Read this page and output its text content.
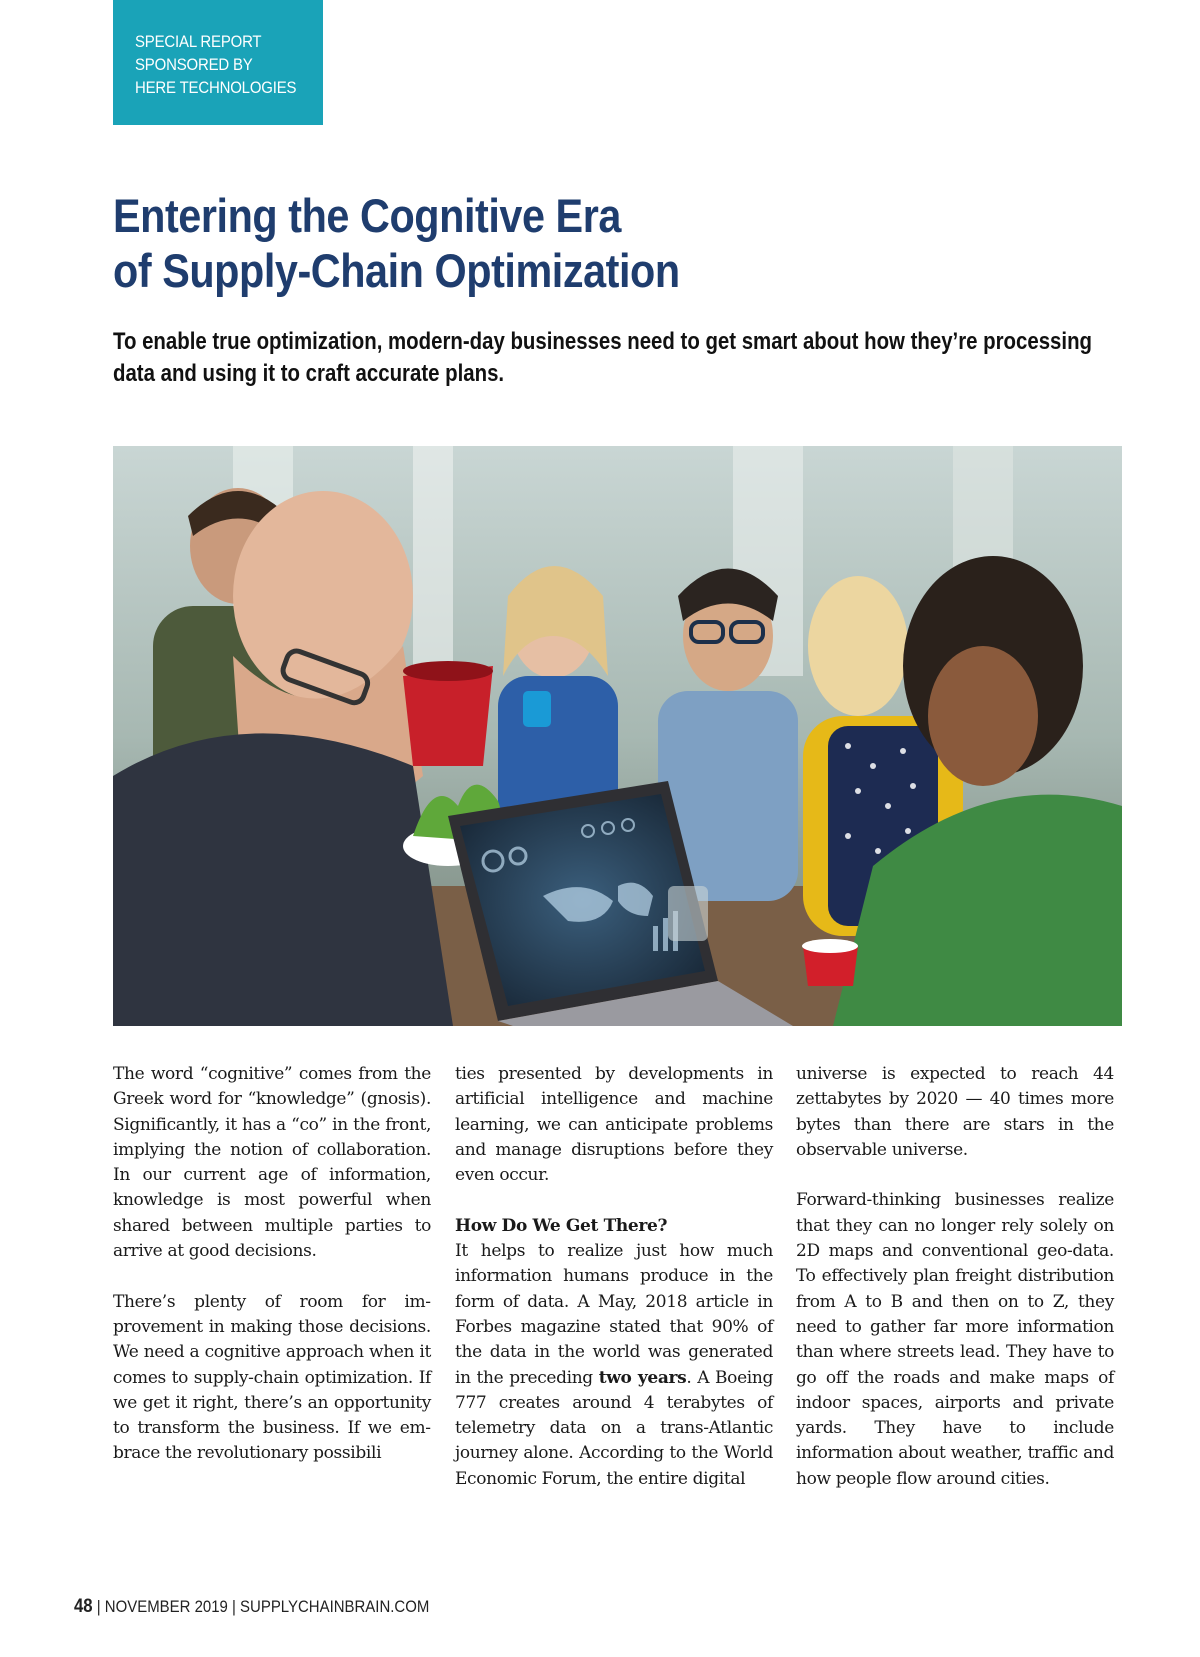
SPECIAL REPORT
SPONSORED BY
HERE TECHNOLOGIES
Entering the Cognitive Era
of Supply-Chain Optimization
To enable true optimization, modern-day businesses need to get smart about how they’re processing
data and using it to craft accurate plans.

The word “cognitive” comes from the Greek word for “knowledge” (gnosis). Significantly, it has a “co” in the front, implying the notion of collaboration. In our current age of information, knowledge is most powerful when shared between multiple parties to arrive at good decisions.

There’s plenty of room for improvement in making those decisions. We need a cognitive approach when it comes to supply-chain optimization. If we get it right, there’s an opportunity to transform the business. If we embrace the revolutionary possibili

ties presented by developments in artificial intelligence and machine learning, we can anticipate problems and manage disruptions before they even occur.

How Do We Get There?

It helps to realize just how much information humans produce in the form of data. A May, 2018 article in Forbes magazine stated that 90% of the data in the world was generated in the preceding two years. A Boeing 777 creates around 4 terabytes of telemetry data on a trans-Atlantic journey alone. According to the World Economic Forum, the entire digital

universe is expected to reach 44 zettabytes by 2020 — 40 times more bytes than there are stars in the observable universe.

Forward-thinking businesses realize that they can no longer rely solely on 2D maps and conventional geo-data. To effectively plan freight distribution from A to B and then on to Z, they need to gather far more information than where streets lead. They have to go off the roads and make maps of indoor spaces, airports and private yards. They have to include information about weather, traffic and how people flow around cities.

48 | NOVEMBER 2019 | SUPPLYCHAINBRAIN.COM
